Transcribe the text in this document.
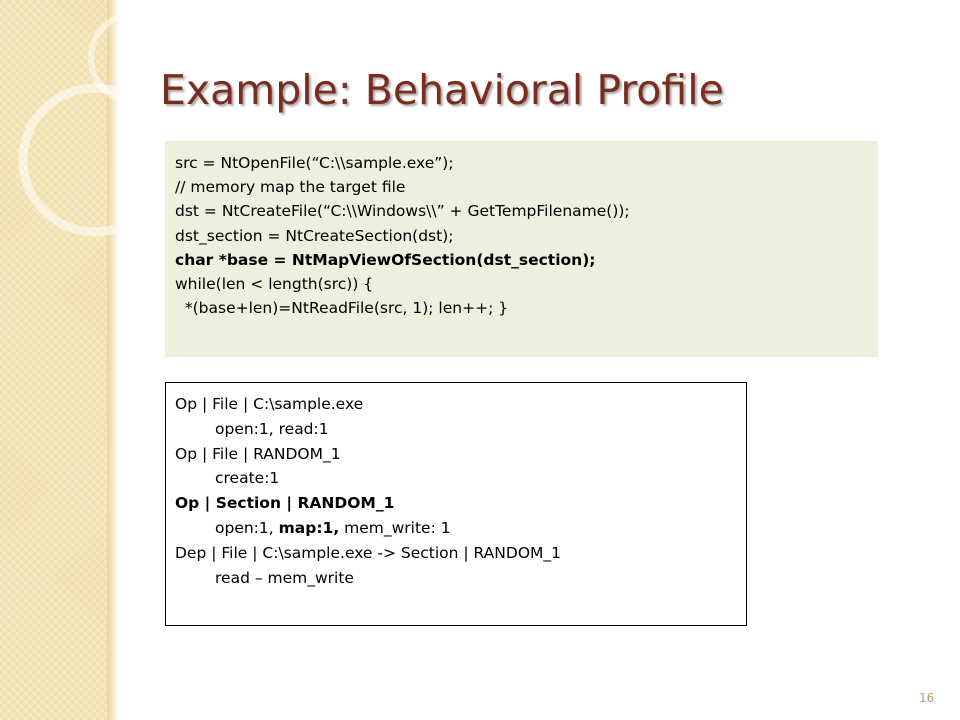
Example: Behavioral Profile
src = NtOpenFile(“C:\\sample.exe”);
// memory map the target file
dst = NtCreateFile(“C:\\Windows\\” + GetTempFilename());
dst_section = NtCreateSection(dst);
char *base = NtMapViewOfSection(dst_section);
while(len < length(src)) {
*(base+len)=NtReadFile(src, 1); len++; }
Op | File | C:\sample.exe
open:1, read:1
Op | File | RANDOM_1
create:1
Op | Section | RANDOM_1
open:1, map:1, mem_write: 1
Dep | File | C:\sample.exe -> Section | RANDOM_1
read – mem_write
16
